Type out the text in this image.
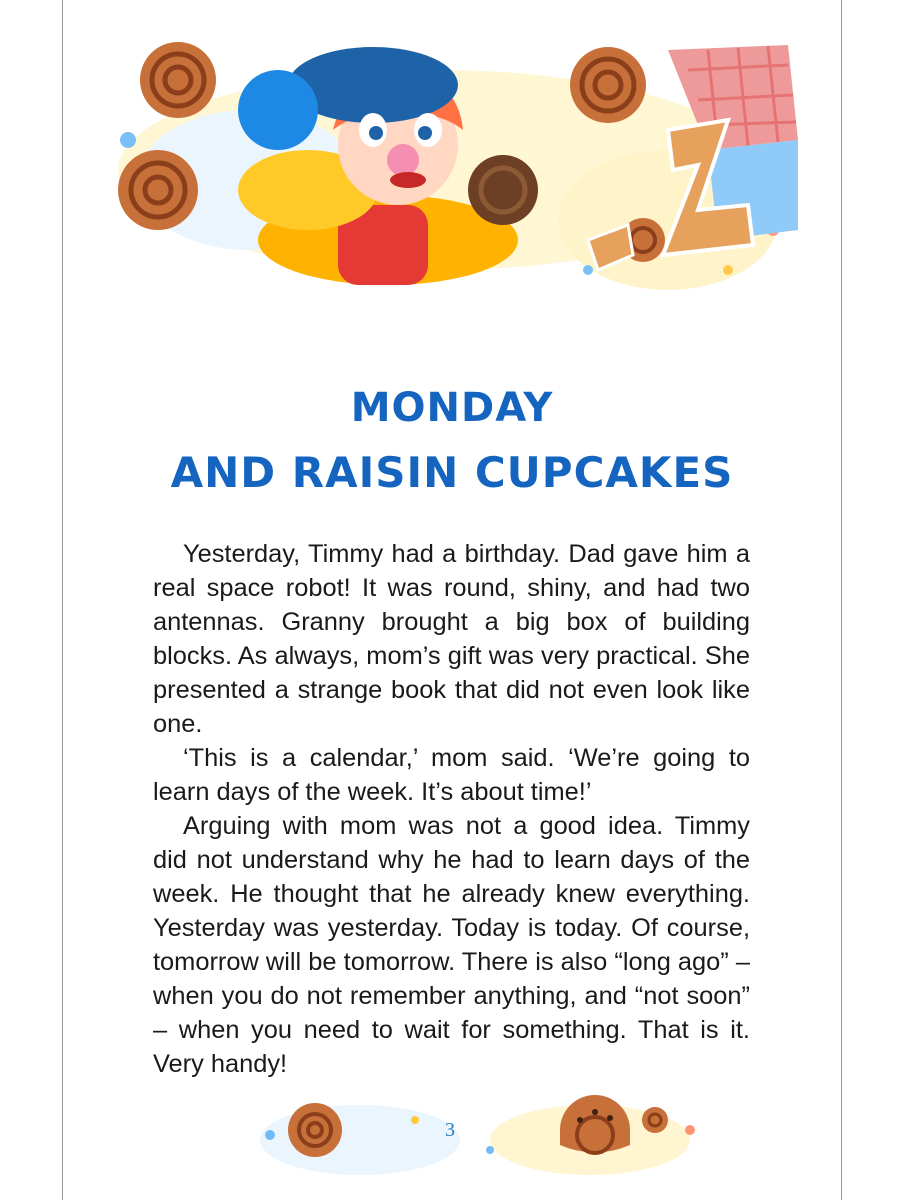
MONDAY
AND RAISIN CUPCAKES

Yesterday, Timmy had a birthday. Dad gave him a real space robot! It was round, shiny, and had two antennas. Granny brought a big box of building blocks. As always, mom’s gift was very practical. She presented a strange book that did not even look like one.

‘This is a calendar,’ mom said. ‘We’re going to learn days of the week. It’s about time!’

Arguing with mom was not a good idea. Timmy did not understand why he had to learn days of the week. He thought that he already knew everything. Yesterday was yesterday. Today is today. Of course, tomorrow will be tomorrow. There is also “long ago” – when you do not remember anything, and “not soon” – when you need to wait for something. That is it. Very handy!

3
